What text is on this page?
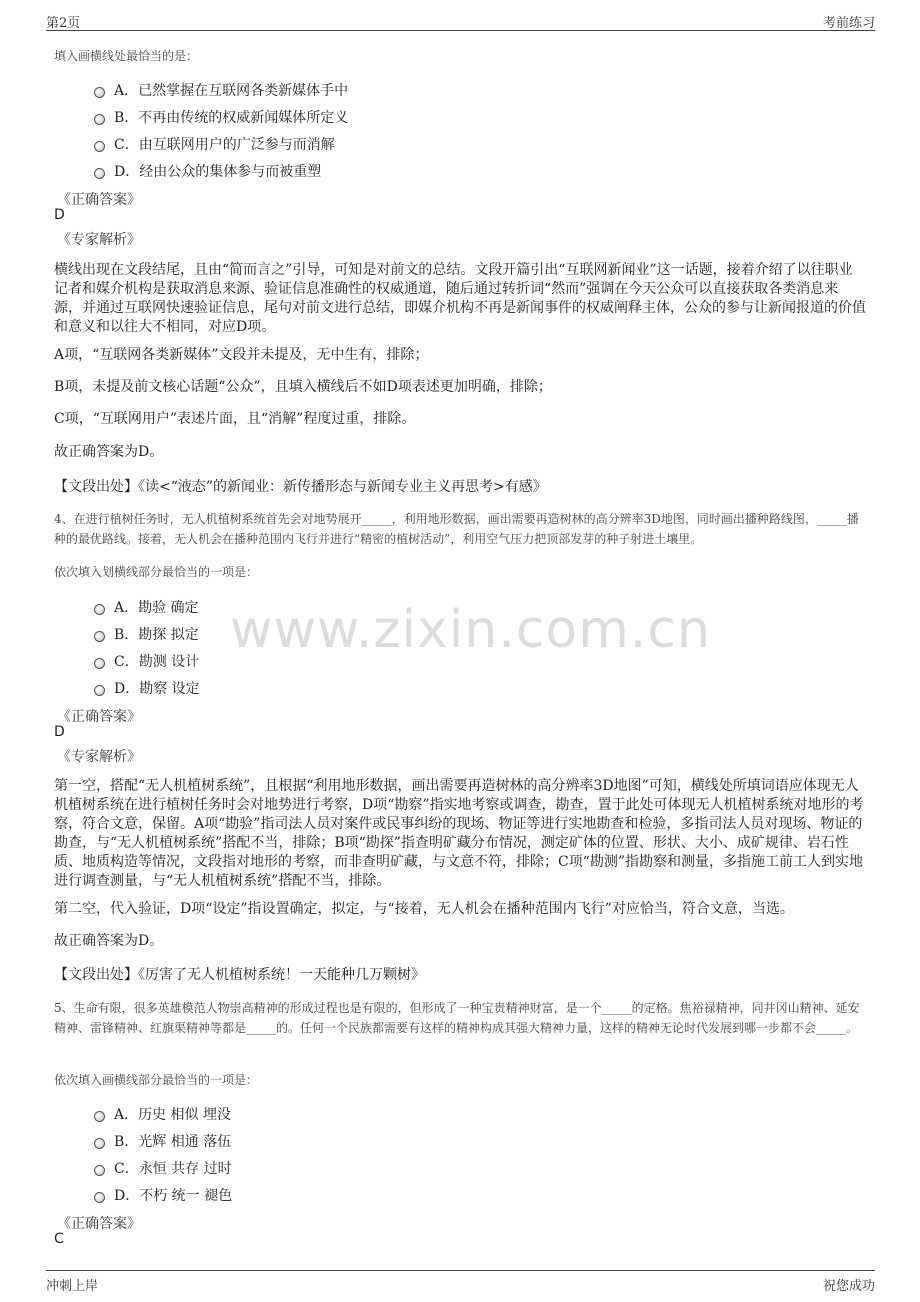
第2页	考前练习
www.zixin.com.cn
填入画横线处最恰当的是：
A．已然掌握在互联网各类新媒体手中
B．不再由传统的权威新闻媒体所定义
C．由互联网用户的广泛参与而消解
D．经由公众的集体参与而被重塑
《正确答案》
D
《专家解析》
横线出现在文段结尾，且由“简而言之”引导，可知是对前文的总结。文段开篇引出“互联网新闻业”这一话题，接着介绍了以往职业记者和媒介机构是获取消息来源、验证信息准确性的权威通道，随后通过转折词“然而”强调在今天公众可以直接获取各类消息来源，并通过互联网快速验证信息，尾句对前文进行总结，即媒介机构不再是新闻事件的权威阐释主体，公众的参与让新闻报道的价值和意义和以往大不相同，对应D项。
A项，“互联网各类新媒体”文段并未提及，无中生有，排除；
B项，未提及前文核心话题“公众”，且填入横线后不如D项表述更加明确，排除；
C项，“互联网用户”表述片面，且“消解”程度过重，排除。
故正确答案为D。
【文段出处】《读<“液态”的新闻业：新传播形态与新闻专业主义再思考>有感》
4、在进行植树任务时，无人机植树系统首先会对地势展开_____，利用地形数据，画出需要再造树林的高分辨率3D地图，同时画出播种路线图，_____播种的最优路线。接着，无人机会在播种范围内飞行并进行“精密的植树活动”，利用空气压力把顶部发芽的种子射进土壤里。
依次填入划横线部分最恰当的一项是：
A．勘验 确定
B．勘探 拟定
C．勘测 设计
D．勘察 设定
《正确答案》
D
《专家解析》
第一空，搭配“无人机植树系统”，且根据“利用地形数据，画出需要再造树林的高分辨率3D地图”可知，横线处所填词语应体现无人机植树系统在进行植树任务时会对地势进行考察，D项“勘察”指实地考察或调查，勘查，置于此处可体现无人机植树系统对地形的考察，符合文意，保留。A项“勘验”指司法人员对案件或民事纠纷的现场、物证等进行实地勘查和检验，多指司法人员对现场、物证的勘查，与“无人机植树系统”搭配不当，排除；B项“勘探”指查明矿藏分布情况，测定矿体的位置、形状、大小、成矿规律、岩石性质、地质构造等情况，文段指对地形的考察，而非查明矿藏，与文意不符，排除；C项“勘测”指勘察和测量，多指施工前工人到实地进行调查测量，与“无人机植树系统”搭配不当，排除。
第二空，代入验证，D项“设定”指设置确定，拟定，与“接着，无人机会在播种范围内飞行”对应恰当，符合文意，当选。
故正确答案为D。
【文段出处】《厉害了无人机植树系统！一天能种几万颗树》
5、生命有限，很多英雄模范人物崇高精神的形成过程也是有限的，但形成了一种宝贵精神财富，是一个_____的定格。焦裕禄精神，同井冈山精神、延安精神、雷锋精神、红旗渠精神等都是_____的。任何一个民族都需要有这样的精神构成其强大精神力量，这样的精神无论时代发展到哪一步都不会_____。
依次填入画横线部分最恰当的一项是：
A．历史 相似 埋没
B．光辉 相通 落伍
C．永恒 共存 过时
D．不朽 统一 褪色
《正确答案》
C
冲刺上岸	祝您成功
